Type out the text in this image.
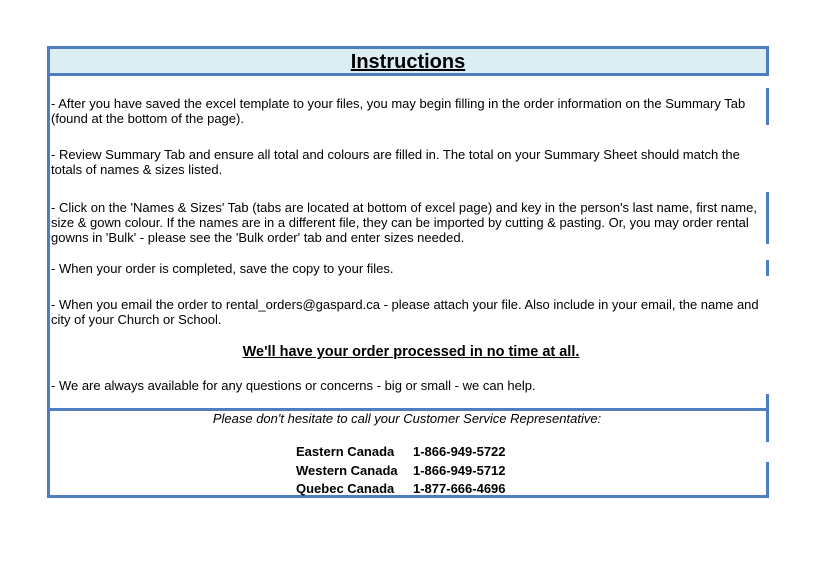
Instructions

- After you have saved the excel template to your files, you may begin filling in the order information on the Summary Tab (found at the bottom of the page).

- Review Summary Tab and ensure all total and colours are filled in. The total on your Summary Sheet should match the totals of names & sizes listed.

- Click on the 'Names & Sizes' Tab (tabs are located at bottom of excel page) and key in the person's last name, first name, size & gown colour. If the names are in a different file, they can be imported by cutting & pasting. Or, you may order rental gowns in 'Bulk' - please see the 'Bulk order' tab and enter sizes needed.

- When your order is completed, save the copy to your files.

- When you email the order to rental_orders@gaspard.ca - please attach your file. Also include in your email, the name and city of your Church or School.

We'll have your order processed in no time at all.

- We are always available for any questions or concerns - big or small - we can help.

Please don't hesitate to call your Customer Service Representative:
Eastern Canada 1-866-949-5722
Western Canada 1-866-949-5712
Quebec Canada 1-877-666-4696
